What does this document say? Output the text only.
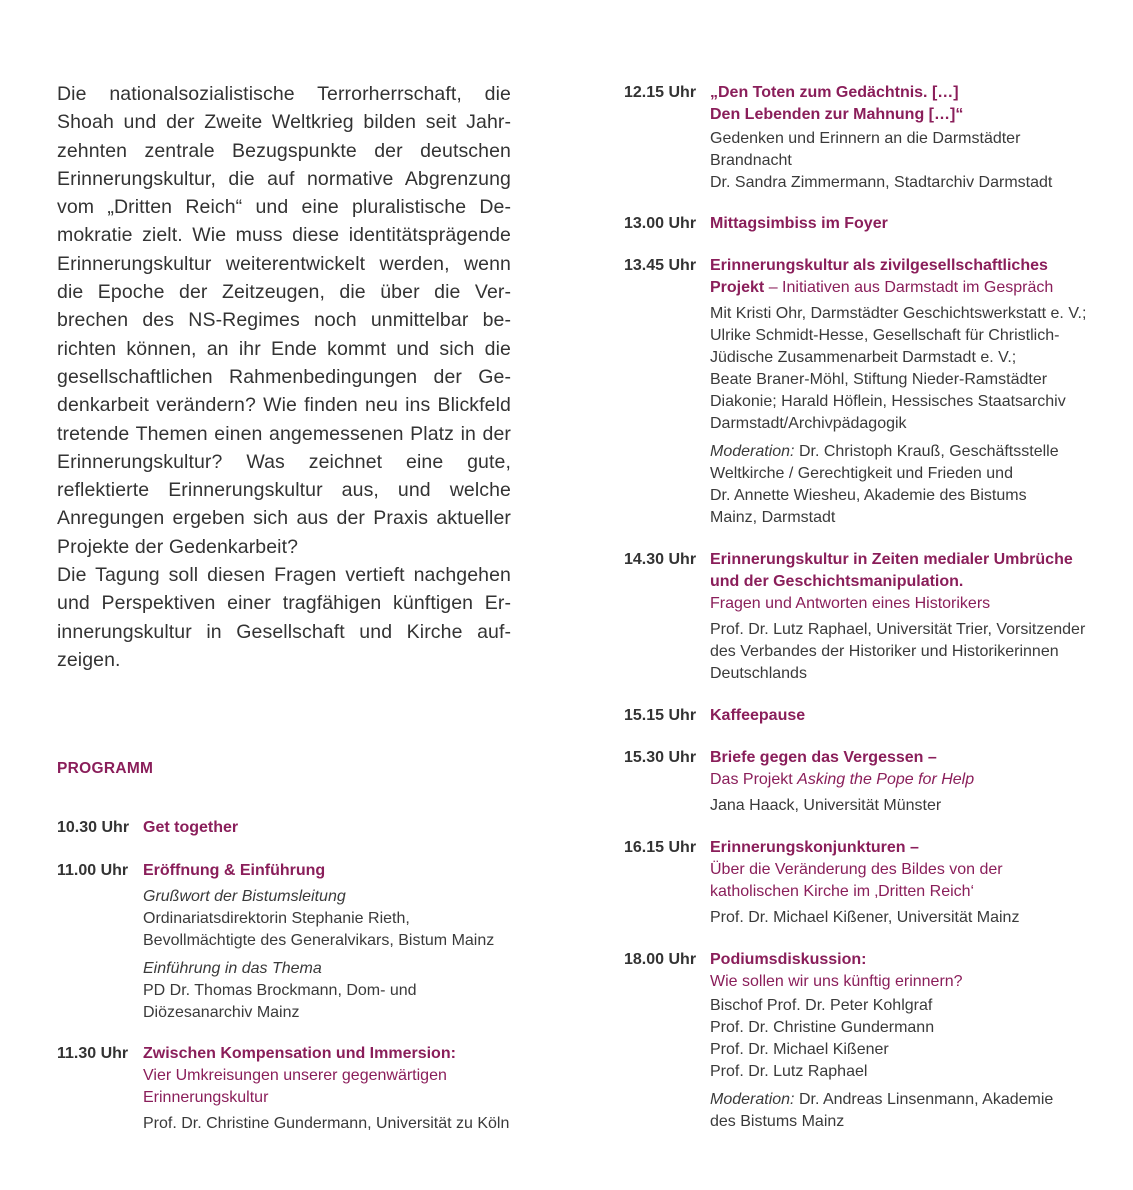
Die nationalsozialistische Terrorherrschaft, die Shoah und der Zweite Weltkrieg bilden seit Jahrzehnten zentrale Bezugspunkte der deutschen Erinnerungskultur, die auf normative Abgrenzung vom „Dritten Reich“ und eine pluralistische Demokratie zielt. Wie muss diese identitätsprägende Erinnerungskultur weiterentwickelt werden, wenn die Epoche der Zeitzeugen, die über die Verbrechen des NS-Regimes noch unmittelbar berichten können, an ihr Ende kommt und sich die gesellschaftlichen Rahmenbedingungen der Gedenkarbeit verändern? Wie finden neu ins Blickfeld tretende Themen einen angemessenen Platz in der Erinnerungskultur? Was zeichnet eine gute, reflektierte Erinnerungskultur aus, und welche Anregungen ergeben sich aus der Praxis aktueller Projekte der Gedenkarbeit?

Die Tagung soll diesen Fragen vertieft nachgehen und Perspektiven einer tragfähigen künftigen Erinnerungskultur in Gesellschaft und Kirche aufzeigen.

PROGRAMM
10.30 Uhr Get together
11.00 Uhr Eröffnung & Einführung
Grußwort der Bistumsleitung
Ordinariatsdirektorin Stephanie Rieth,
Bevollmächtigte des Generalvikars, Bistum Mainz
Einführung in das Thema
PD Dr. Thomas Brockmann, Dom- und
Diözesanarchiv Mainz
11.30 Uhr Zwischen Kompensation und Immersion:
Vier Umkreisungen unserer gegenwärtigen
Erinnerungskultur
Prof. Dr. Christine Gundermann, Universität zu Köln
12.15 Uhr „Den Toten zum Gedächtnis. […]
Den Lebenden zur Mahnung […]“
Gedenken und Erinnern an die Darmstädter
Brandnacht
Dr. Sandra Zimmermann, Stadtarchiv Darmstadt
13.00 Uhr Mittagsimbiss im Foyer
13.45 Uhr Erinnerungskultur als zivilgesellschaftliches
Projekt – Initiativen aus Darmstadt im Gespräch
Mit Kristi Ohr, Darmstädter Geschichtswerkstatt e. V.;
Ulrike Schmidt-Hesse, Gesellschaft für Christlich-
Jüdische Zusammenarbeit Darmstadt e. V.;
Beate Braner-Möhl, Stiftung Nieder-Ramstädter
Diakonie; Harald Höflein, Hessisches Staatsarchiv
Darmstadt/Archivpädagogik
Moderation: Dr. Christoph Krauß, Geschäftsstelle
Weltkirche / Gerechtigkeit und Frieden und
Dr. Annette Wiesheu, Akademie des Bistums
Mainz, Darmstadt
14.30 Uhr Erinnerungskultur in Zeiten medialer Umbrüche
und der Geschichtsmanipulation.
Fragen und Antworten eines Historikers
Prof. Dr. Lutz Raphael, Universität Trier, Vorsitzender
des Verbandes der Historiker und Historikerinnen
Deutschlands
15.15 Uhr Kaffeepause
15.30 Uhr Briefe gegen das Vergessen –
Das Projekt Asking the Pope for Help
Jana Haack, Universität Münster
16.15 Uhr Erinnerungskonjunkturen –
Über die Veränderung des Bildes von der
katholischen Kirche im ‚Dritten Reich‘
Prof. Dr. Michael Kißener, Universität Mainz
18.00 Uhr Podiumsdiskussion:
Wie sollen wir uns künftig erinnern?
Bischof Prof. Dr. Peter Kohlgraf
Prof. Dr. Christine Gundermann
Prof. Dr. Michael Kißener
Prof. Dr. Lutz Raphael
Moderation: Dr. Andreas Linsenmann, Akademie
des Bistums Mainz
